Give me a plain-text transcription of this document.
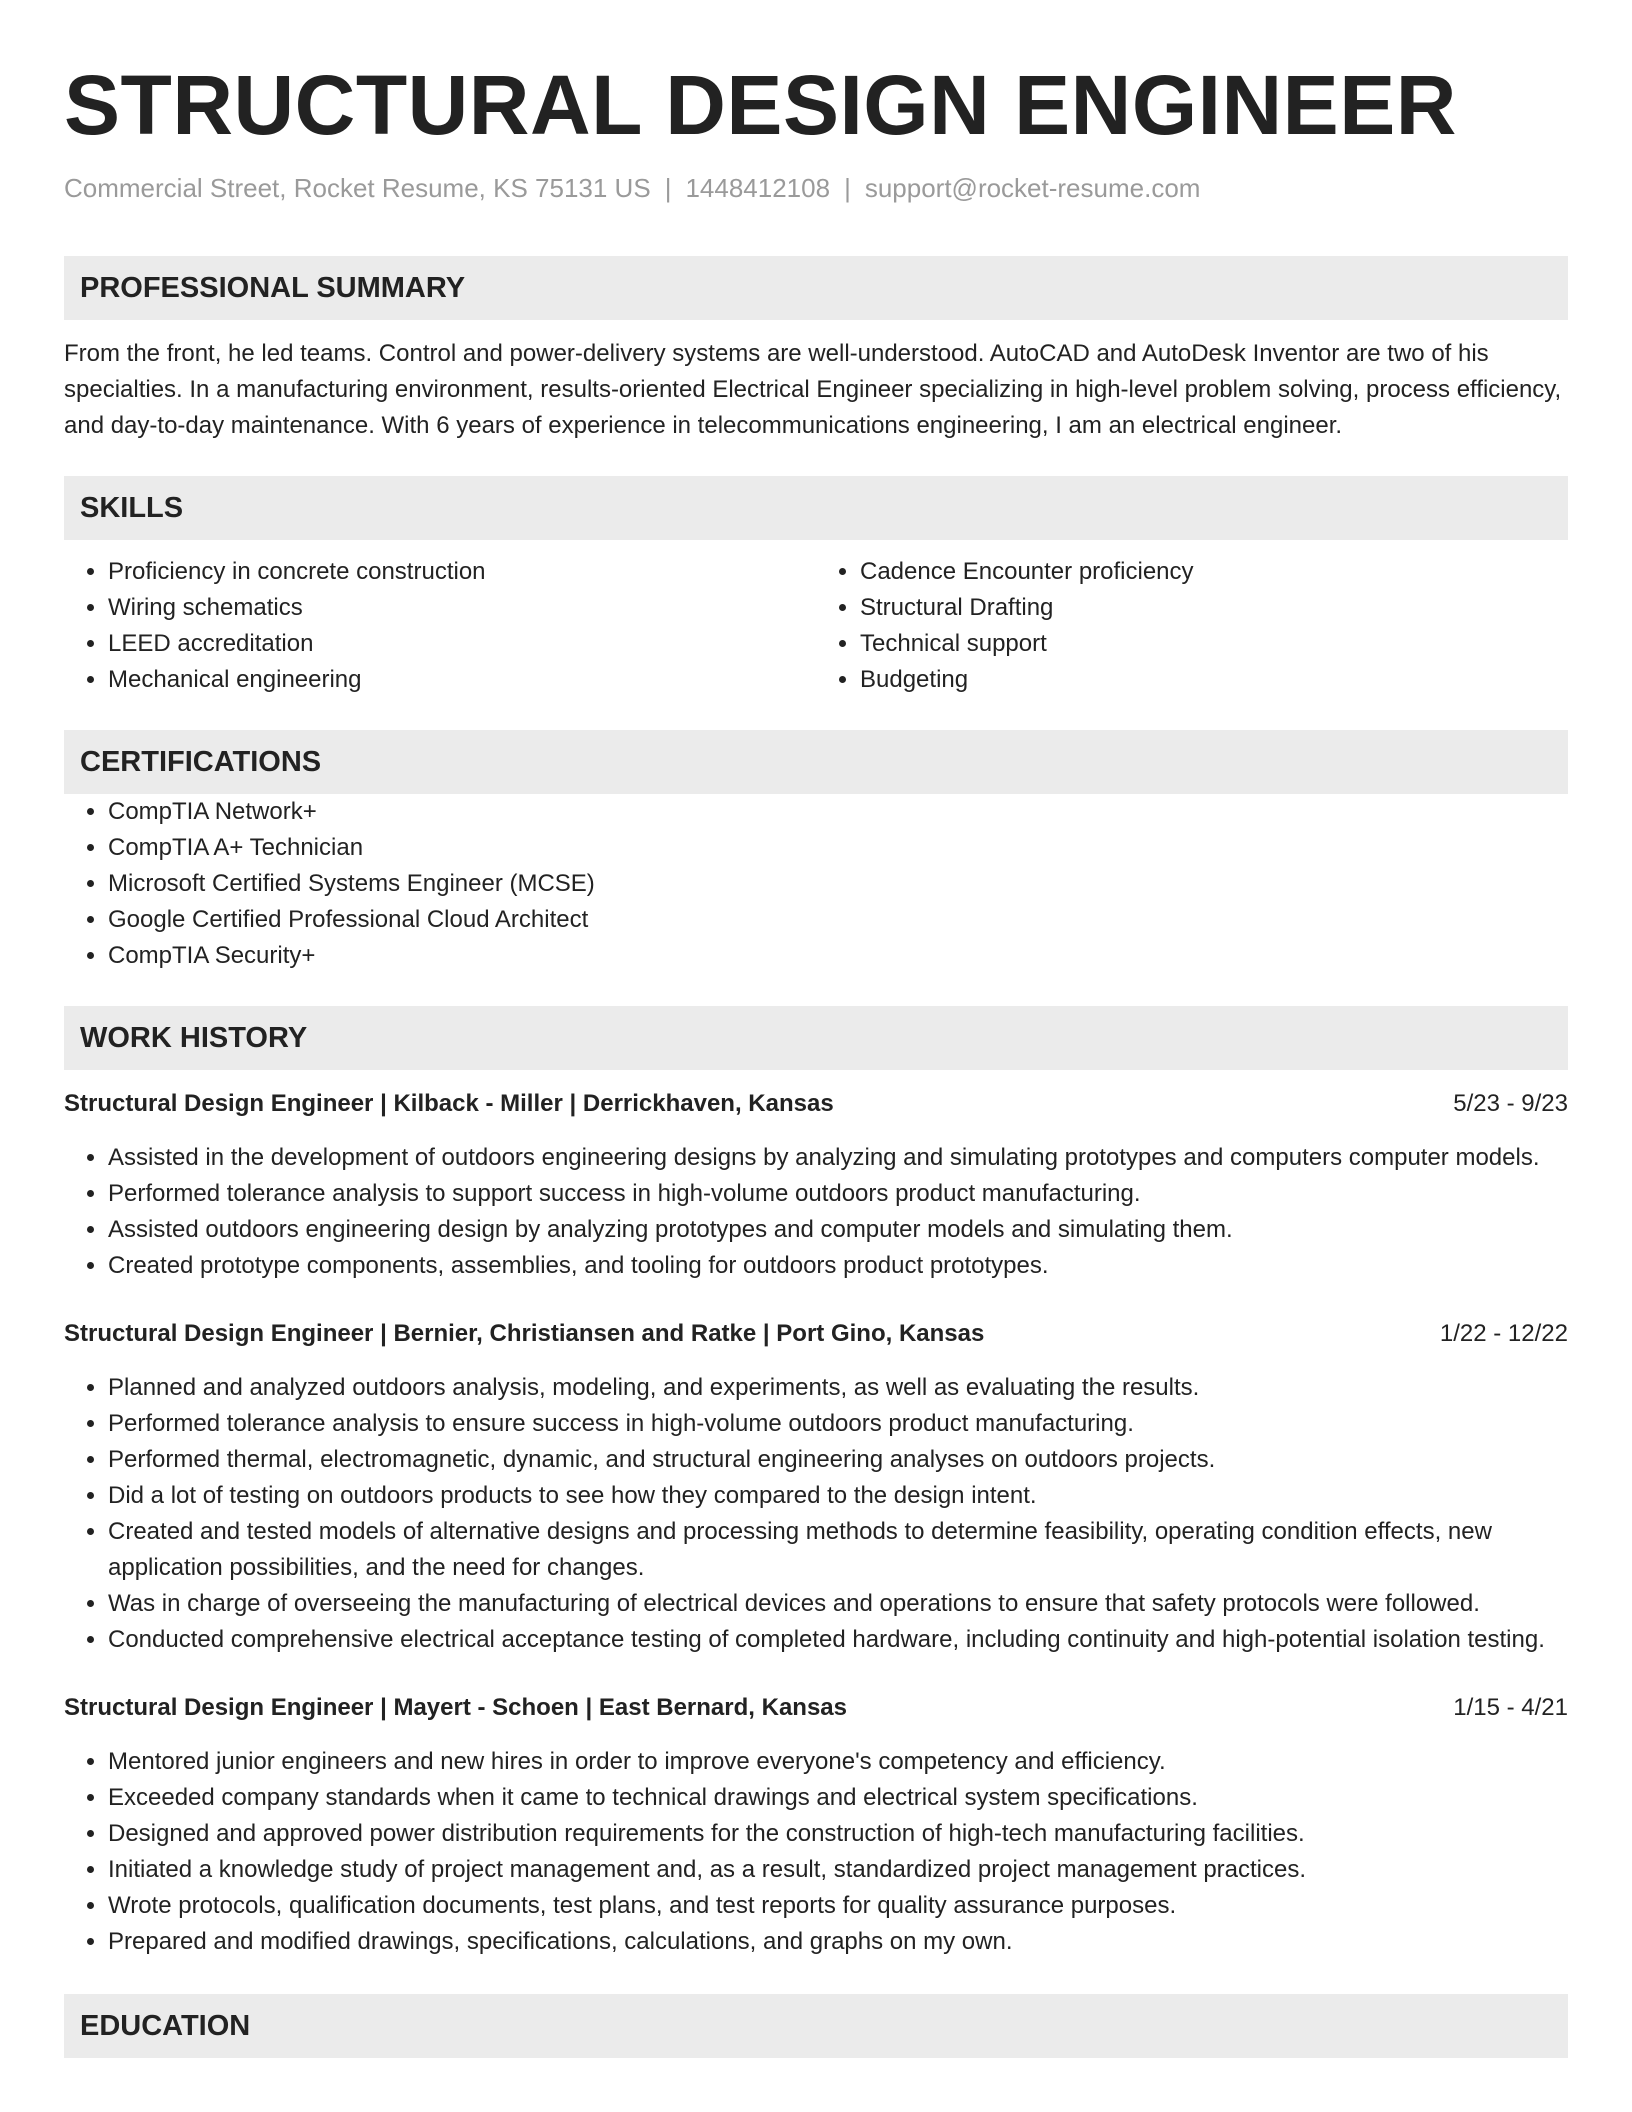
STRUCTURAL DESIGN ENGINEER
Commercial Street, Rocket Resume, KS 75131 US | 1448412108 | support@rocket-resume.com
PROFESSIONAL SUMMARY

From the front, he led teams. Control and power-delivery systems are well-understood. AutoCAD and AutoDesk Inventor are two of his specialties. In a manufacturing environment, results-oriented Electrical Engineer specializing in high-level problem solving, process efficiency, and day-to-day maintenance. With 6 years of experience in telecommunications engineering, I am an electrical engineer.

SKILLS
• Proficiency in concrete construction
• Wiring schematics
• LEED accreditation
• Mechanical engineering
• Cadence Encounter proficiency
• Structural Drafting
• Technical support
• Budgeting
CERTIFICATIONS
• CompTIA Network+
• CompTIA A+ Technician
• Microsoft Certified Systems Engineer (MCSE)
• Google Certified Professional Cloud Architect
• CompTIA Security+
WORK HISTORY
Structural Design Engineer | Kilback - Miller | Derrickhaven, Kansas	5/23 - 9/23
• Assisted in the development of outdoors engineering designs by analyzing and simulating prototypes and computers computer models.
• Performed tolerance analysis to support success in high-volume outdoors product manufacturing.
• Assisted outdoors engineering design by analyzing prototypes and computer models and simulating them.
• Created prototype components, assemblies, and tooling for outdoors product prototypes.
Structural Design Engineer | Bernier, Christiansen and Ratke | Port Gino, Kansas	1/22 - 12/22
• Planned and analyzed outdoors analysis, modeling, and experiments, as well as evaluating the results.
• Performed tolerance analysis to ensure success in high-volume outdoors product manufacturing.
• Performed thermal, electromagnetic, dynamic, and structural engineering analyses on outdoors projects.
• Did a lot of testing on outdoors products to see how they compared to the design intent.
• Created and tested models of alternative designs and processing methods to determine feasibility, operating condition effects, new application possibilities, and the need for changes.
• Was in charge of overseeing the manufacturing of electrical devices and operations to ensure that safety protocols were followed.
• Conducted comprehensive electrical acceptance testing of completed hardware, including continuity and high-potential isolation testing.
Structural Design Engineer | Mayert - Schoen | East Bernard, Kansas	1/15 - 4/21
• Mentored junior engineers and new hires in order to improve everyone's competency and efficiency.
• Exceeded company standards when it came to technical drawings and electrical system specifications.
• Designed and approved power distribution requirements for the construction of high-tech manufacturing facilities.
• Initiated a knowledge study of project management and, as a result, standardized project management practices.
• Wrote protocols, qualification documents, test plans, and test reports for quality assurance purposes.
• Prepared and modified drawings, specifications, calculations, and graphs on my own.
EDUCATION
